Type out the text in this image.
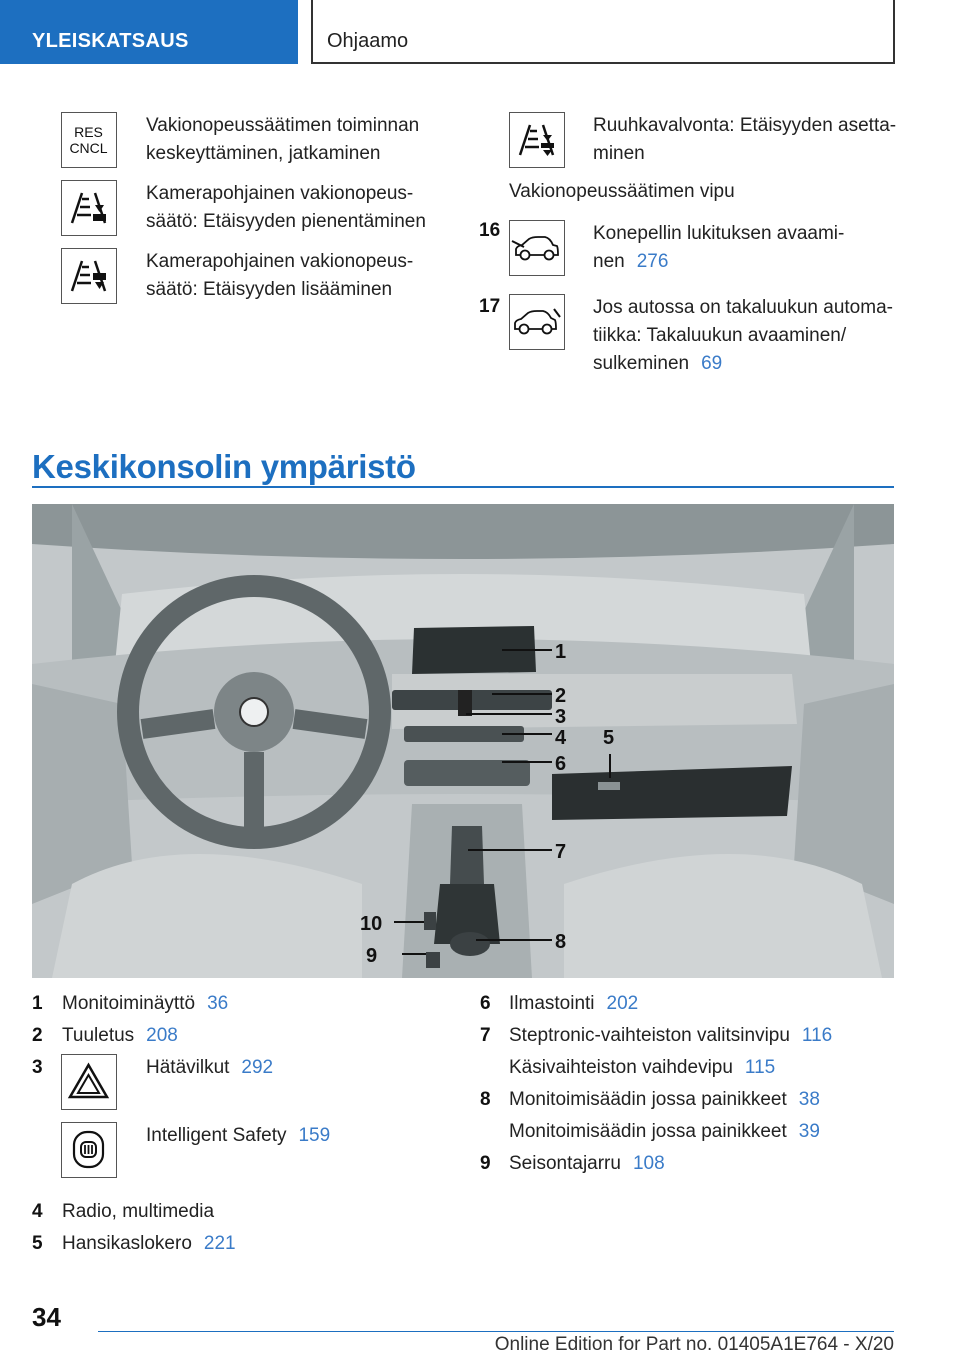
YLEISKATSAUS	Ohjaamo
RES
CNCL
Vakionopeussäätimen toiminnan
keskeyttäminen, jatkaminen
Kamerapohjainen vakionopeus-
säätö: Etäisyyden pienentäminen
Kamerapohjainen vakionopeus-
säätö: Etäisyyden lisääminen
Ruuhkavalvonta: Etäisyyden asetta-
minen
Vakionopeussäätimen vipu
16	Konepellin lukituksen avaami-
nen 276
17	Jos autossa on takaluukun automa-
tiikka: Takaluukun avaaminen/
sulkeminen 69
Keskikonsolin ympäristö
1
2
3
4 5
6
7
8
9
10
1 Monitoiminäyttö 36
2 Tuuletus 208
3	Hätävilkut 292
Intelligent Safety 159
4 Radio, multimedia
5 Hansikaslokero 221
6 Ilmastointi 202
7 Steptronic-vaihteiston valitsinvipu 116
Käsivaihteiston vaihdevipu 115
8 Monitoimisäädin jossa painikkeet 38
Monitoimisäädin jossa painikkeet 39
9 Seisontajarru 108
34
Online Edition for Part no. 01405A1E764 - X/20
